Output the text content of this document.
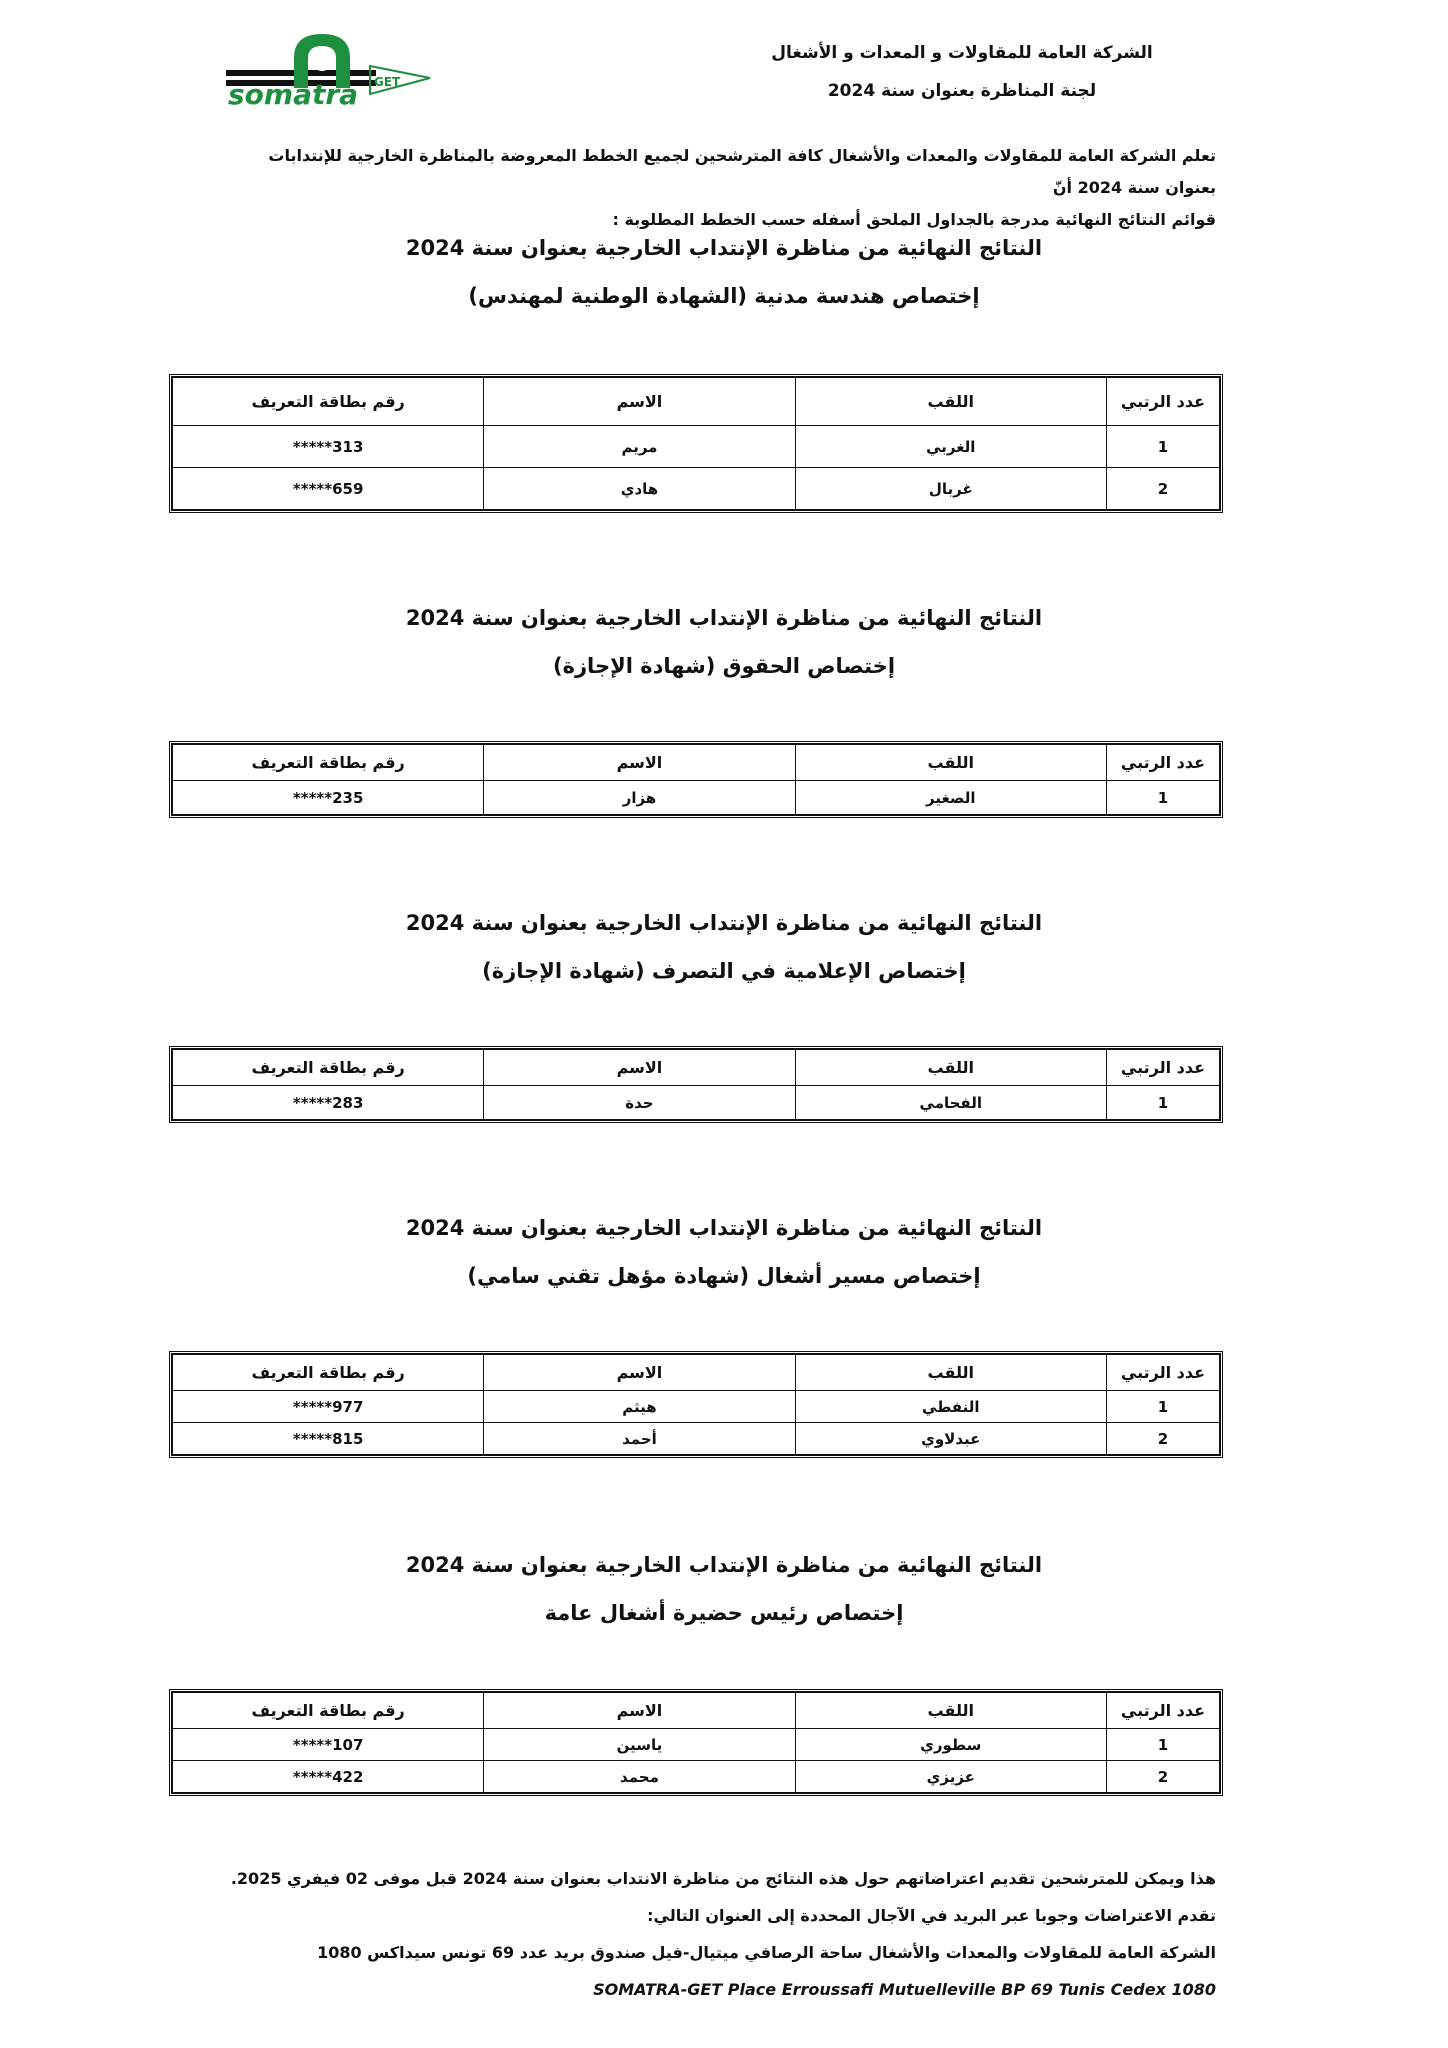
somatra GET
الشركة العامة للمقاولات و المعدات و الأشغال
لجنة المناظرة بعنوان سنة 2024
تعلم الشركة العامة للمقاولات والمعدات والأشغال كافة المترشحين لجميع الخطط المعروضة بالمناظرة الخارجية للإنتدابات بعنوان سنة 2024 أنّ
قوائم النتائج النهائية مدرجة بالجداول الملحق أسفله حسب الخطط المطلوبة :
النتائج النهائية من مناظرة الإنتداب الخارجية بعنوان سنة 2024
إختصاص هندسة مدنية (الشهادة الوطنية لمهندس)
عدد الرتبي	اللقب	الاسم	رقم بطاقة التعريف
1	الغربي	مريم	313*****
2	غربال	هادي	659*****
النتائج النهائية من مناظرة الإنتداب الخارجية بعنوان سنة 2024
إختصاص الحقوق (شهادة الإجازة)
عدد الرتبي	اللقب	الاسم	رقم بطاقة التعريف
1	الصغير	هزار	235*****
النتائج النهائية من مناظرة الإنتداب الخارجية بعنوان سنة 2024
إختصاص الإعلامية في التصرف (شهادة الإجازة)
عدد الرتبي	اللقب	الاسم	رقم بطاقة التعريف
1	الفحامي	حدة	283*****
النتائج النهائية من مناظرة الإنتداب الخارجية بعنوان سنة 2024
إختصاص مسير أشغال (شهادة مؤهل تقني سامي)
عدد الرتبي	اللقب	الاسم	رقم بطاقة التعريف
1	النفطي	هيثم	977*****
2	عبدلاوي	أحمد	815*****
النتائج النهائية من مناظرة الإنتداب الخارجية بعنوان سنة 2024
إختصاص رئيس حضيرة أشغال عامة
عدد الرتبي	اللقب	الاسم	رقم بطاقة التعريف
1	سطوري	ياسين	107*****
2	عزيزي	محمد	422*****
هذا ويمكن للمترشحين تقديم اعتراضاتهم حول هذه النتائج من مناظرة الانتداب بعنوان سنة 2024 قبل موفى 02 فيفري 2025.
تقدم الاعتراضات وجوبا عبر البريد في الآجال المحددة إلى العنوان التالي:
الشركة العامة للمقاولات والمعدات والأشغال ساحة الرصافي ميتيال-فيل صندوق بريد عدد 69 تونس سيداكس 1080
SOMATRA-GET Place Erroussafi Mutuelleville BP 69 Tunis Cedex 1080
